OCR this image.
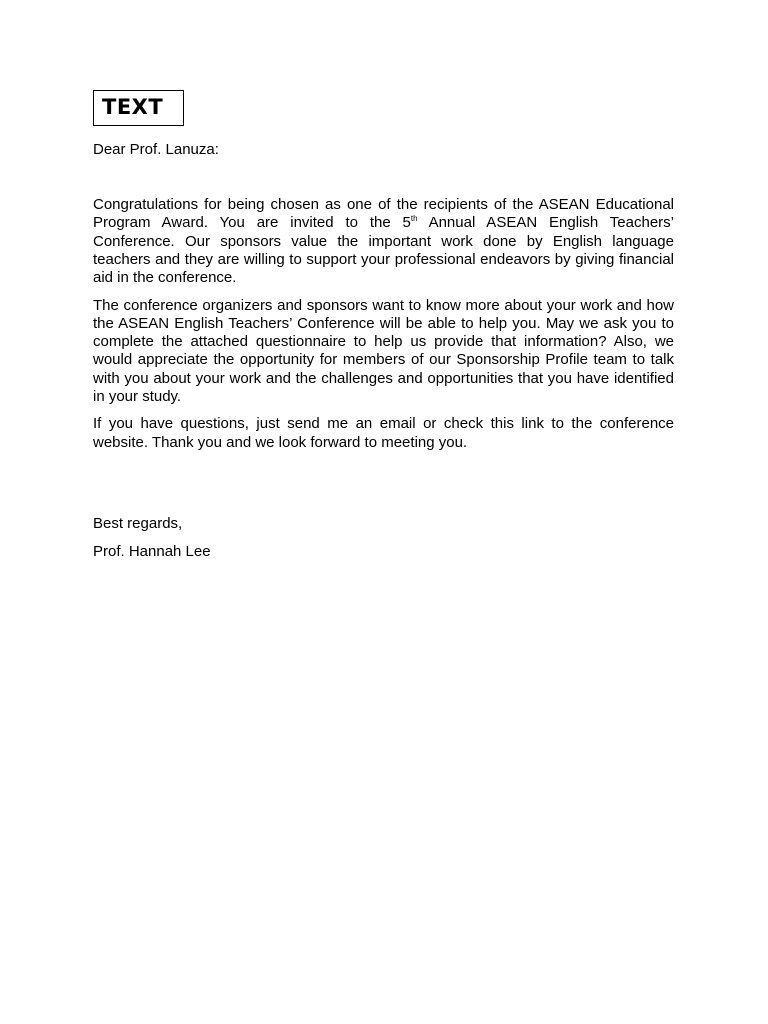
TEXT

Dear Prof. Lanuza:

Congratulations for being chosen as one of the recipients of the ASEAN Educational Program Award. You are invited to the 5th Annual ASEAN English Teachers’ Conference. Our sponsors value the important work done by English language teachers and they are willing to support your professional endeavors by giving financial aid in the conference.

The conference organizers and sponsors want to know more about your work and how the ASEAN English Teachers’ Conference will be able to help you. May we ask you to complete the attached questionnaire to help us provide that information? Also, we would appreciate the opportunity for members of our Sponsorship Profile team to talk with you about your work and the challenges and opportunities that you have identified in your study.

If you have questions, just send me an email or check this link to the conference website. Thank you and we look forward to meeting you.

Best regards,

Prof. Hannah Lee
